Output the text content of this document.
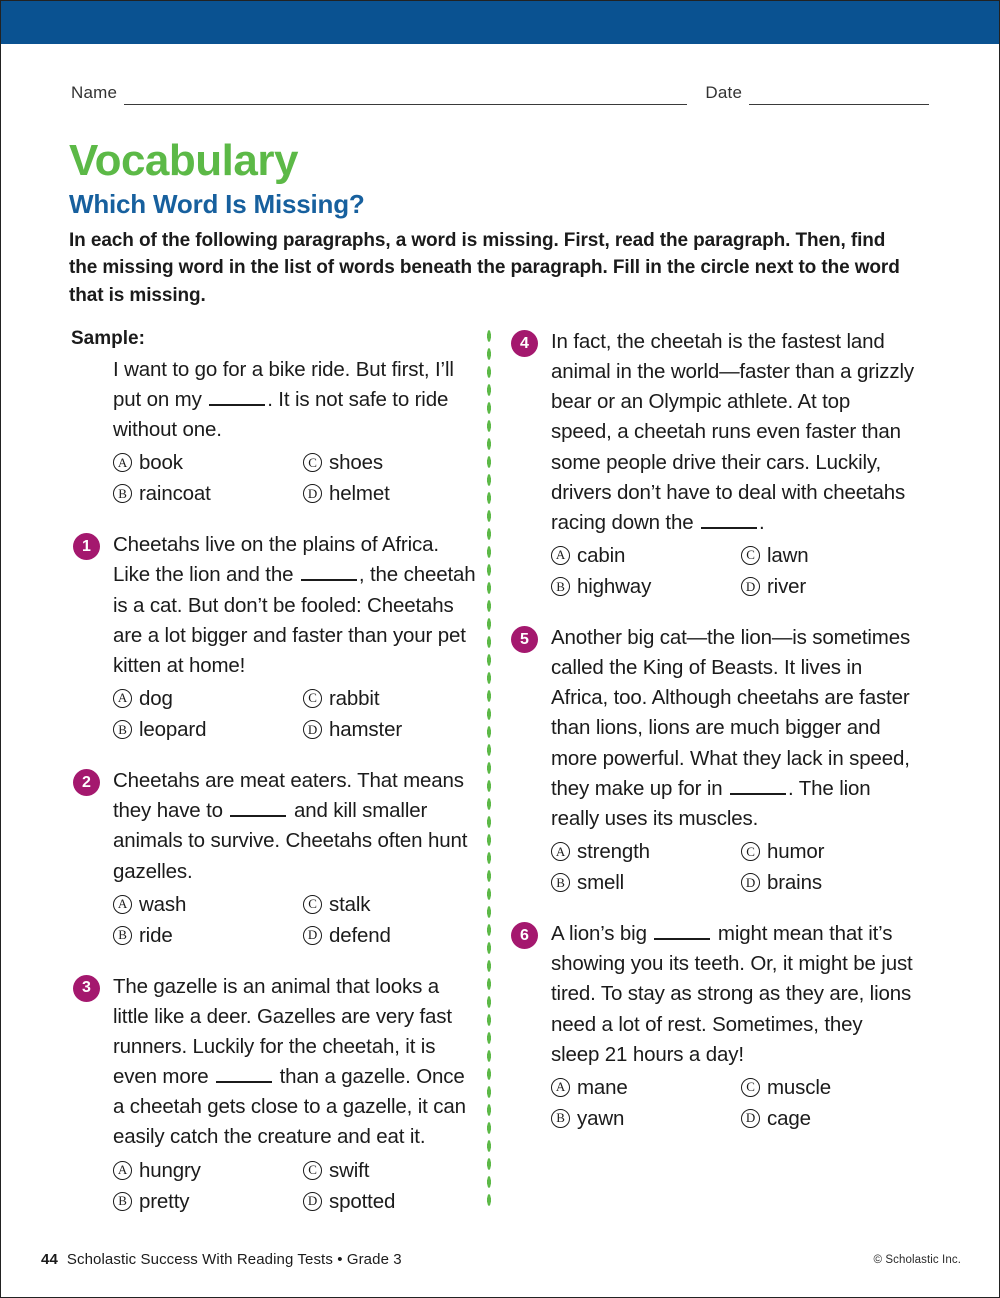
Name	Date
Vocabulary
Which Word Is Missing?
In each of the following paragraphs, a word is missing. First, read the paragraph. Then, find the missing word in the list of words beneath the paragraph. Fill in the circle next to the word that is missing.
Sample:
I want to go for a bike ride. But first, I’ll put on my	. It is not safe to ride without one.
A book	C shoes
B raincoat	D helmet
1	Cheetahs live on the plains of Africa. Like the lion and the	, the cheetah is a cat. But don’t be fooled: Cheetahs are a lot bigger and faster than your pet kitten at home!
A dog	C rabbit
B leopard	D hamster
2	Cheetahs are meat eaters. That means they have to	and kill smaller animals to survive. Cheetahs often hunt gazelles.
A wash	C stalk
B ride	D defend
3	The gazelle is an animal that looks a little like a deer. Gazelles are very fast runners. Luckily for the cheetah, it is even more	than a gazelle. Once a cheetah gets close to a gazelle, it can easily catch the creature and eat it.
A hungry	C swift
B pretty	D spotted
4	In fact, the cheetah is the fastest land animal in the world—faster than a grizzly bear or an Olympic athlete. At top speed, a cheetah runs even faster than some people drive their cars. Luckily, drivers don’t have to deal with cheetahs racing down the	.
A cabin	C lawn
B highway	D river
5	Another big cat—the lion—is sometimes called the King of Beasts. It lives in Africa, too. Although cheetahs are faster than lions, lions are much bigger and more powerful. What they lack in speed, they make up for in	. The lion really uses its muscles.
A strength	C humor
B smell	D brains
6	A lion’s big	might mean that it’s showing you its teeth. Or, it might be just tired. To stay as strong as they are, lions need a lot of rest. Sometimes, they sleep 21 hours a day!
A mane	C muscle
B yawn	D cage
44 Scholastic Success With Reading Tests • Grade 3	© Scholastic Inc.
